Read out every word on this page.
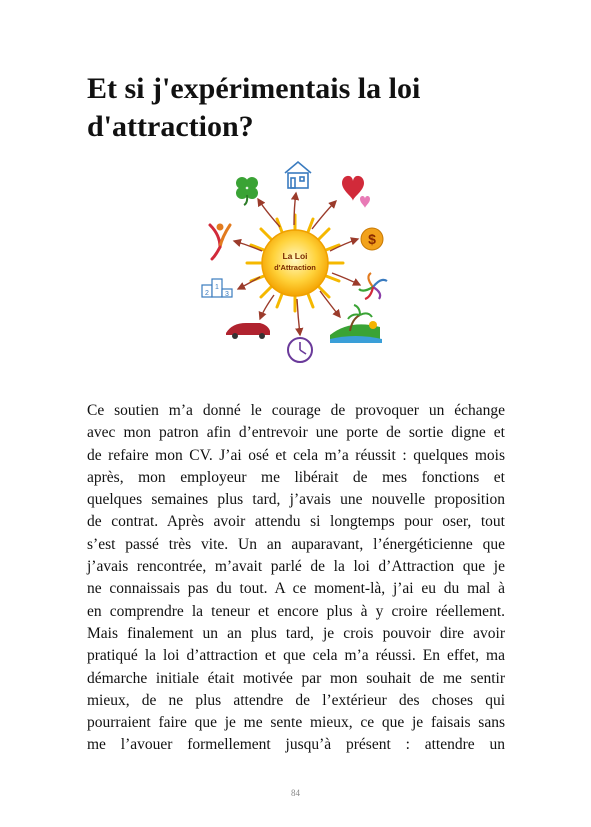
Et si j'expérimentais la loi d'attraction?
La Loi
d'Attraction
$
2
1
3
Ce soutien m’a donné le courage de provoquer un échange
avec mon patron afin d’entrevoir une porte de sortie digne et
de refaire mon CV. J’ai osé et cela m’a réussit : quelques mois
après, mon employeur me libérait de mes fonctions et
quelques semaines plus tard, j’avais une nouvelle proposition
de contrat. Après avoir attendu si longtemps pour oser, tout
s’est passé très vite. Un an auparavant, l’énergéticienne que
j’avais rencontrée, m’avait parlé de la loi d’Attraction que je
ne connaissais pas du tout. A ce moment-là, j’ai eu du mal à
en comprendre la teneur et encore plus à y croire réellement.
Mais finalement un an plus tard, je crois pouvoir dire avoir
pratiqué la loi d’attraction et que cela m’a réussi. En effet, ma
démarche initiale était motivée par mon souhait de me sentir
mieux, de ne plus attendre de l’extérieur des choses qui
pourraient faire que je me sente mieux, ce que je faisais sans
me l’avouer formellement jusqu’à présent : attendre un
84
